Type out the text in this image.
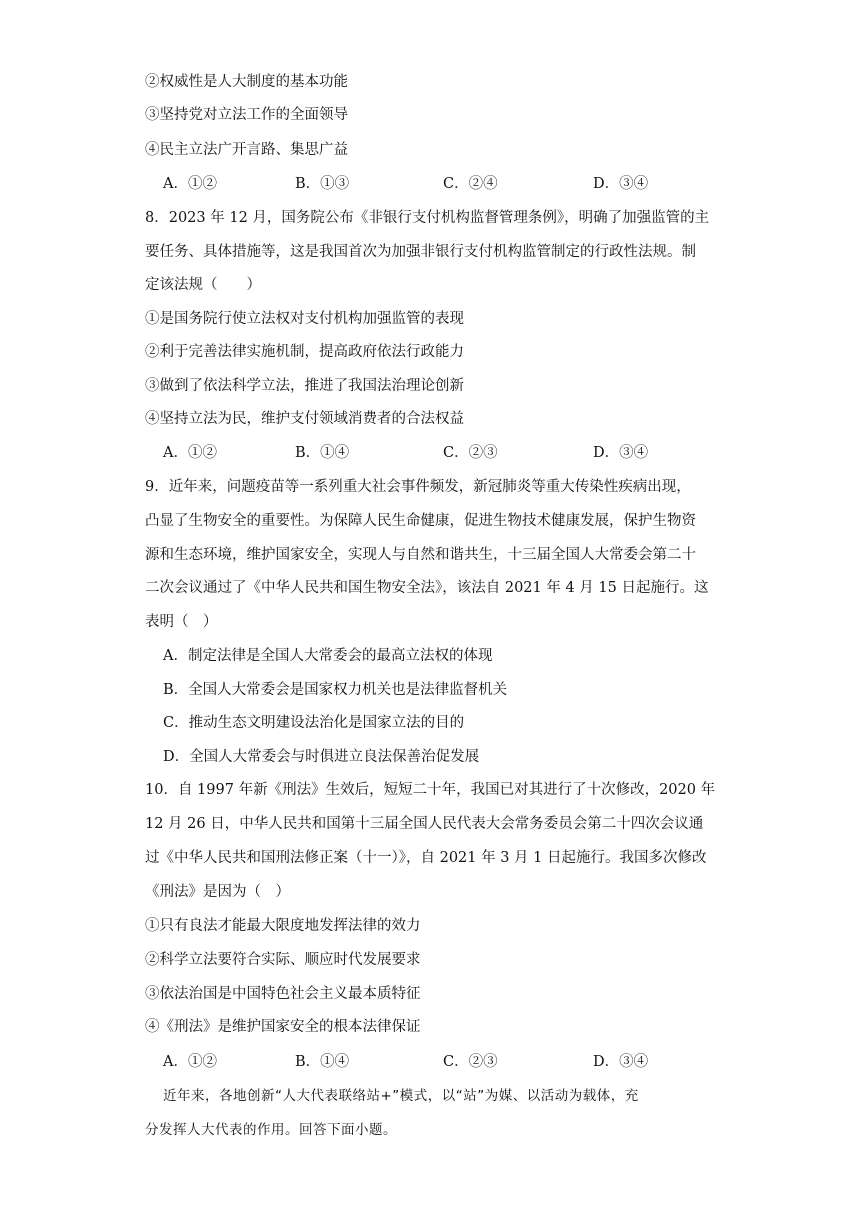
②权威性是人大制度的基本功能
③坚持党对立法工作的全面领导
④民主立法广开言路、集思广益
A．①②	B．①③	C．②④	D．③④
8．2023 年 12 月，国务院公布《非银行支付机构监督管理条例》，明确了加强监管的主
要任务、具体措施等，这是我国首次为加强非银行支付机构监管制定的行政性法规。制
定该法规（　　）
①是国务院行使立法权对支付机构加强监管的表现
②利于完善法律实施机制，提高政府依法行政能力
③做到了依法科学立法，推进了我国法治理论创新
④坚持立法为民，维护支付领域消费者的合法权益
A．①②	B．①④	C．②③	D．③④
9．近年来，问题疫苗等一系列重大社会事件频发，新冠肺炎等重大传染性疾病出现，
凸显了生物安全的重要性。为保障人民生命健康，促进生物技术健康发展，保护生物资
源和生态环境，维护国家安全，实现人与自然和谐共生，十三届全国人大常委会第二十
二次会议通过了《中华人民共和国生物安全法》，该法自 2021 年 4 月 15 日起施行。这
表明（　）
A．制定法律是全国人大常委会的最高立法权的体现
B．全国人大常委会是国家权力机关也是法律监督机关
C．推动生态文明建设法治化是国家立法的目的
D．全国人大常委会与时俱进立良法保善治促发展
10．自 1997 年新《刑法》生效后，短短二十年，我国已对其进行了十次修改，2020 年
12 月 26 日，中华人民共和国第十三届全国人民代表大会常务委员会第二十四次会议通
过《中华人民共和国刑法修正案（十一）》，自 2021 年 3 月 1 日起施行。我国多次修改
《刑法》是因为（　）
①只有良法才能最大限度地发挥法律的效力
②科学立法要符合实际、顺应时代发展要求
③依法治国是中国特色社会主义最本质特征
④《刑法》是维护国家安全的根本法律保证
A．①②	B．①④	C．②③	D．③④
近年来，各地创新“人大代表联络站+”模式，以“站”为媒、以活动为载体，充
分发挥人大代表的作用。回答下面小题。
